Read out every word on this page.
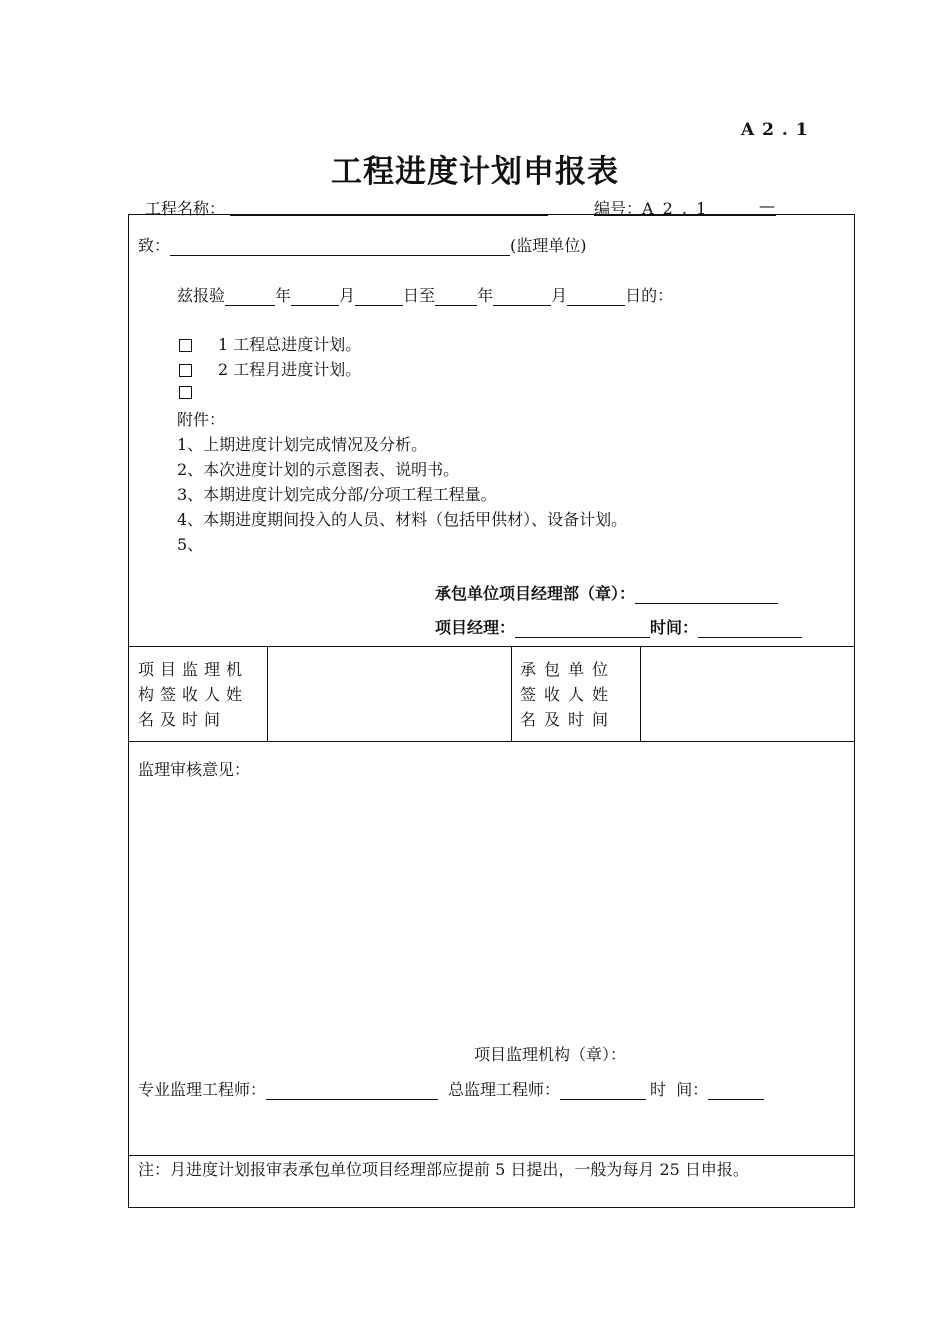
A 2 . 1
工程进度计划申报表
工程名称：	编号：A 2 . 1	—
致：	(监理单位)
兹报验	年	月	日至	年	月	日的：
1 工程总进度计划。
2 工程月进度计划。
附件：
1、上期进度计划完成情况及分析。
2、本次进度计划的示意图表、说明书。
3、本期进度计划完成分部/分项工程工程量。
4、本期进度期间投入的人员、材料（包括甲供材）、设备计划。
5、
承包单位项目经理部（章）：
项目经理：	时间：
项目监理机构签收人姓名及时间
承包单位签收人姓名及时间
监理审核意见：
项目监理机构（章）：
专业监理工程师：	总监理工程师：	时  间：
注：月进度计划报审表承包单位项目经理部应提前 5 日提出，一般为每月 25 日申报。
